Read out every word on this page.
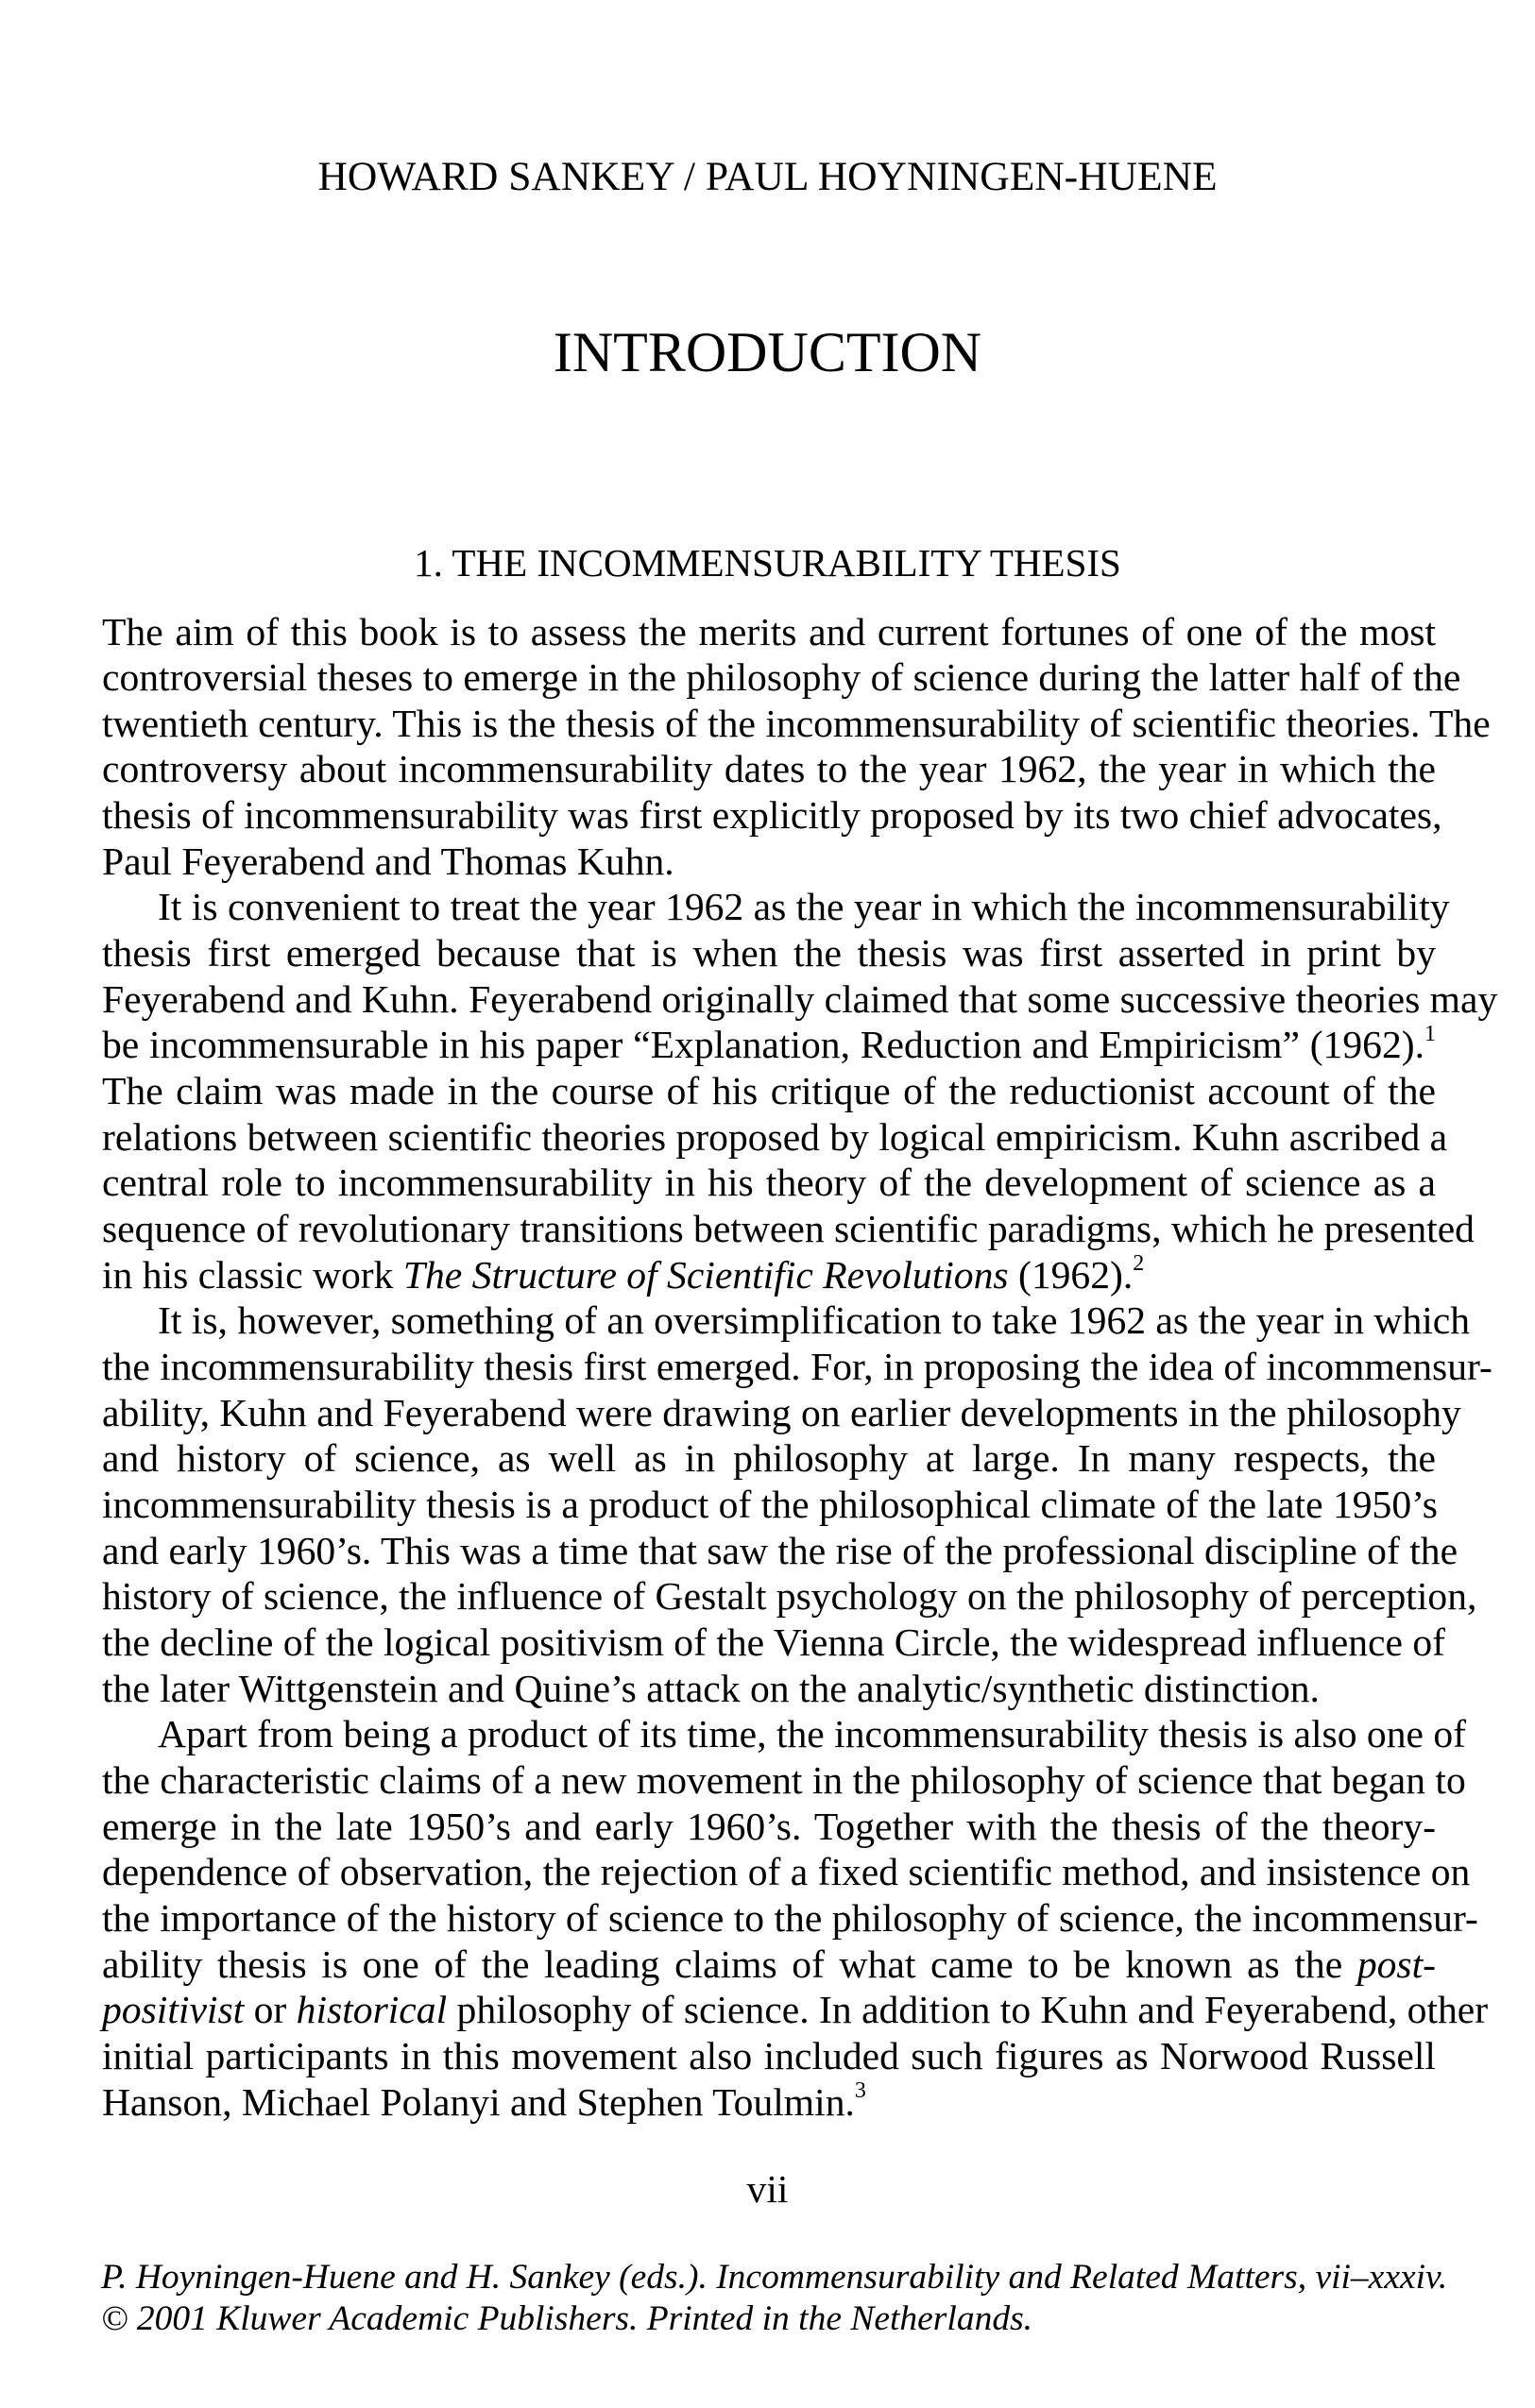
HOWARD SANKEY / PAUL HOYNINGEN-HUENE
INTRODUCTION
1. THE INCOMMENSURABILITY THESIS
The aim of this book is to assess the merits and current fortunes of one of the most
controversial theses to emerge in the philosophy of science during the latter half of the
twentieth century. This is the thesis of the incommensurability of scientific theories. The
controversy about incommensurability dates to the year 1962, the year in which the
thesis of incommensurability was first explicitly proposed by its two chief advocates,
Paul Feyerabend and Thomas Kuhn.
It is convenient to treat the year 1962 as the year in which the incommensurability
thesis first emerged because that is when the thesis was first asserted in print by
Feyerabend and Kuhn. Feyerabend originally claimed that some successive theories may
be incommensurable in his paper “Explanation, Reduction and Empiricism” (1962).$^1$
The claim was made in the course of his critique of the reductionist account of the
relations between scientific theories proposed by logical empiricism. Kuhn ascribed a
central role to incommensurability in his theory of the development of science as a
sequence of revolutionary transitions between scientific paradigms, which he presented
in his classic work The Structure of Scientific Revolutions (1962).$^2$
It is, however, something of an oversimplification to take 1962 as the year in which
the incommensurability thesis first emerged. For, in proposing the idea of incommensur-
ability, Kuhn and Feyerabend were drawing on earlier developments in the philosophy
and history of science, as well as in philosophy at large. In many respects, the
incommensurability thesis is a product of the philosophical climate of the late 1950’s
and early 1960’s. This was a time that saw the rise of the professional discipline of the
history of science, the influence of Gestalt psychology on the philosophy of perception,
the decline of the logical positivism of the Vienna Circle, the widespread influence of
the later Wittgenstein and Quine’s attack on the analytic/synthetic distinction.
Apart from being a product of its time, the incommensurability thesis is also one of
the characteristic claims of a new movement in the philosophy of science that began to
emerge in the late 1950’s and early 1960’s. Together with the thesis of the theory-
dependence of observation, the rejection of a fixed scientific method, and insistence on
the importance of the history of science to the philosophy of science, the incommensur-
ability thesis is one of the leading claims of what came to be known as the post-
positivist or historical philosophy of science. In addition to Kuhn and Feyerabend, other
initial participants in this movement also included such figures as Norwood Russell
Hanson, Michael Polanyi and Stephen Toulmin.$^3$
vii
P. Hoyningen-Huene and H. Sankey (eds.). Incommensurability and Related Matters, vii–xxxiv.
© 2001 Kluwer Academic Publishers. Printed in the Netherlands.
